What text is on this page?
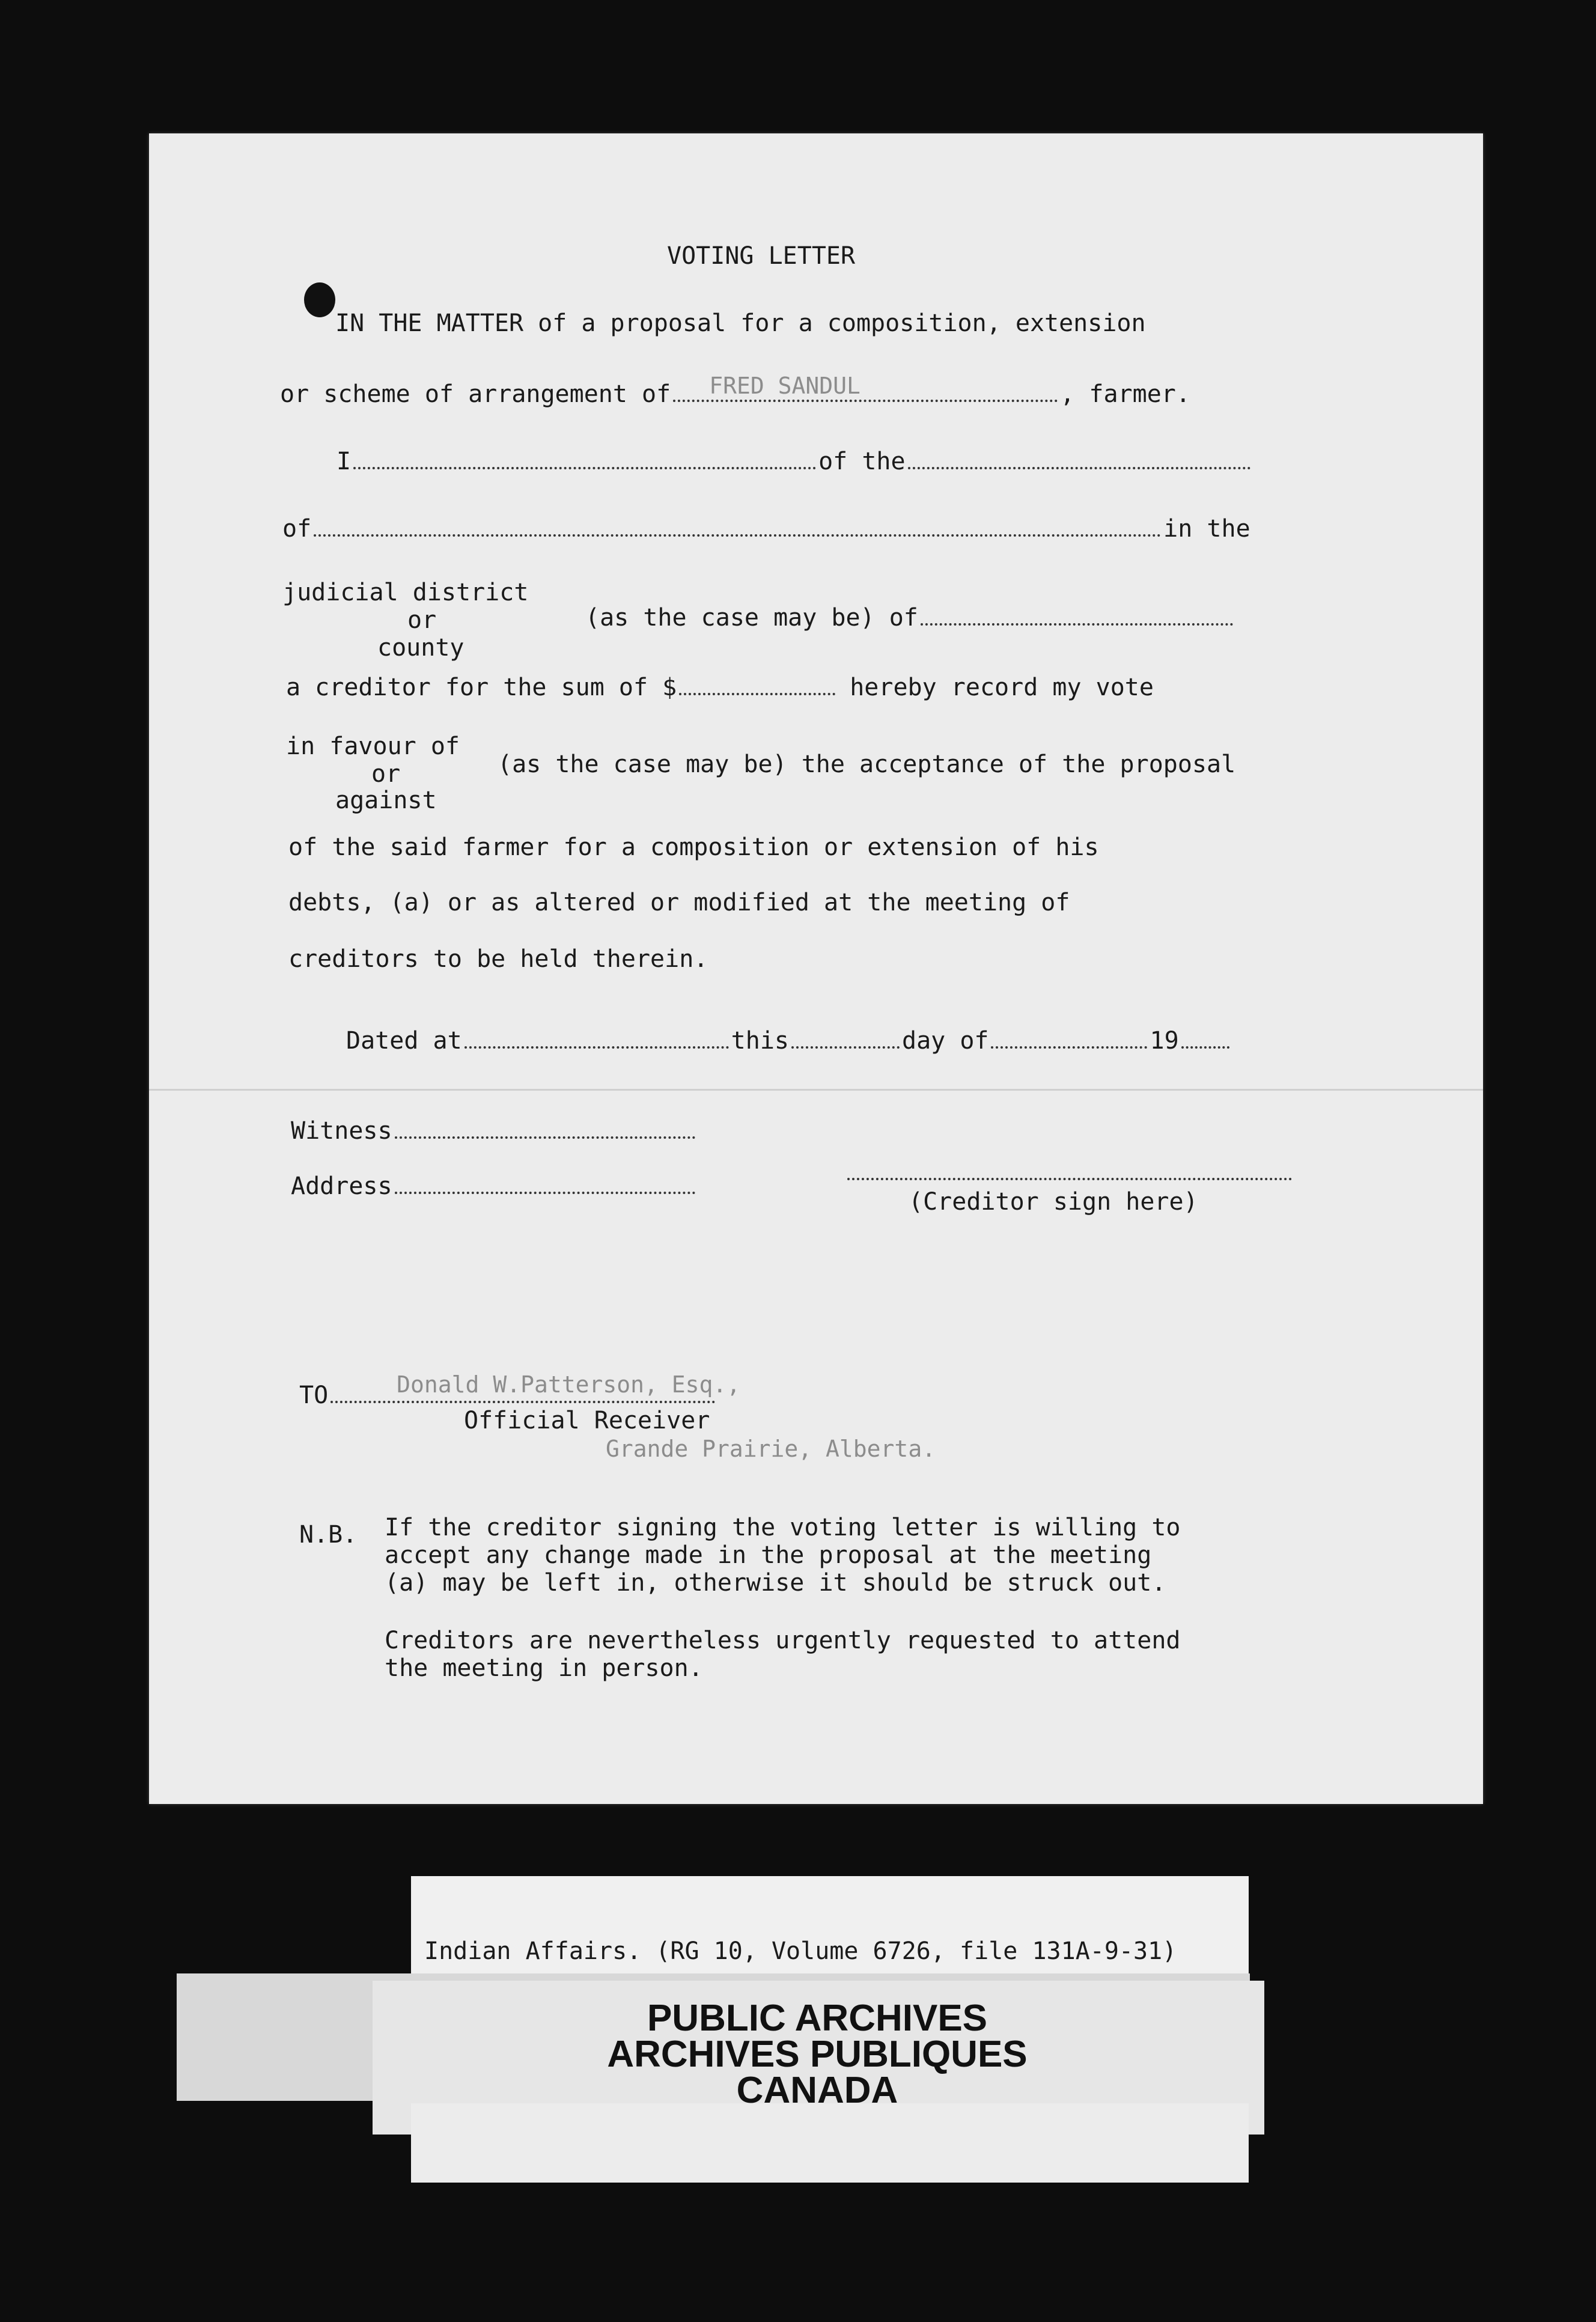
VOTING LETTER
IN THE MATTER of a proposal for a composition, extension
or scheme of arrangement of FRED SANDUL	, farmer.
I	of the
of	in the
judicial district
or	(as the case may be) of
county
a creditor for the sum of $	hereby record my vote
in favour of
or	(as the case may be) the acceptance of the proposal
against
of the said farmer for a composition or extension of his
debts, (a) or as altered or modified at the meeting of
creditors to be held therein.
Dated at	this	day of	19
Witness
Address
(Creditor sign here)
TO	Donald W.Patterson, Esq.,
Official Receiver
Grande Prairie, Alberta.
N.B. If the creditor signing the voting letter is willing to
accept any change made in the proposal at the meeting
(a) may be left in, otherwise it should be struck out.
Creditors are nevertheless urgently requested to attend
the meeting in person.
Indian Affairs. (RG 10, Volume 6726, file 131A-9-31)
PUBLIC ARCHIVES
ARCHIVES PUBLIQUES
CANADA
